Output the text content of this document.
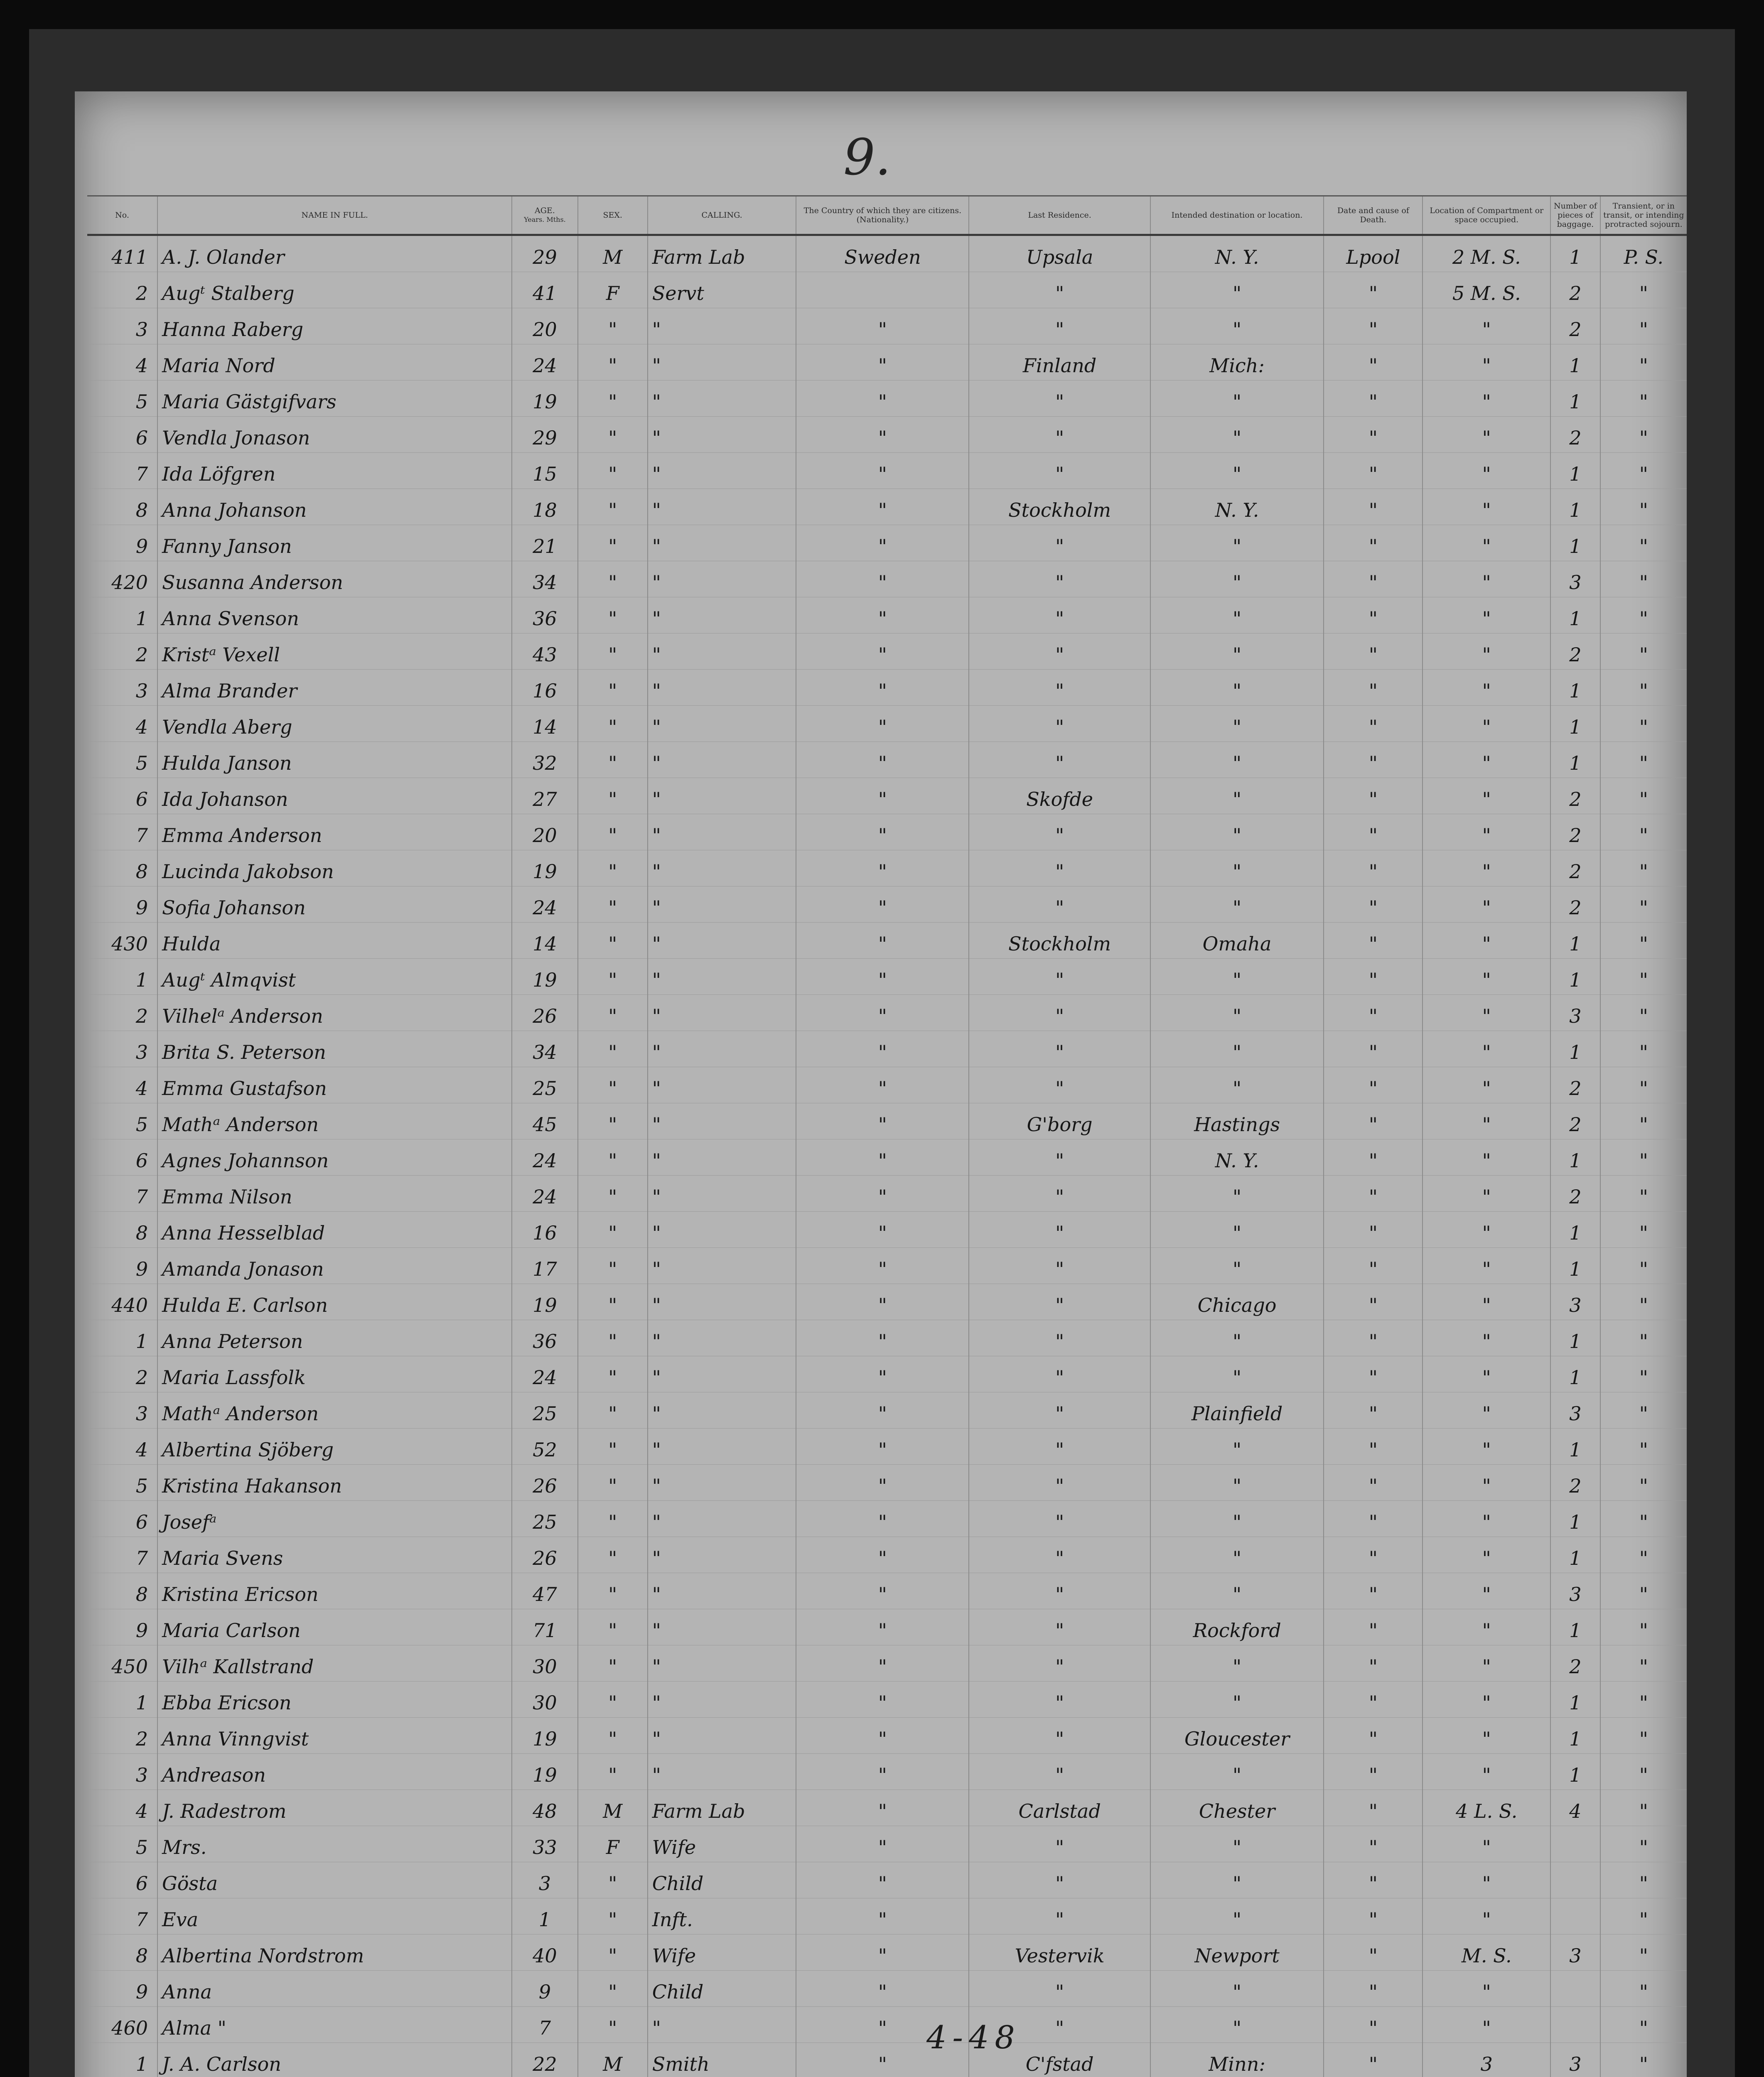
9.
No.	NAME IN FULL.	AGE.
Years. Mths.	SEX.	CALLING.	The Country of which they are citizens. (Nationality.)	Last Residence.	Intended destination or location.	Date and cause of Death.	Location of Compartment or space occupied.	Number of pieces of baggage.	Transient, or in transit, or intending protracted sojourn.
411	A. J. Olander	29	M	Farm Lab	Sweden	Upsala	N. Y.	Lpool	2 M. S.	1	P. S.
2	Augᵗ Stalberg	41	F	Servt		"	"	"	5 M. S.	2	"
3	Hanna Raberg	20	"	"	"	"	"	"	"	2	"
4	Maria Nord	24	"	"	"	Finland	Mich:	"	"	1	"
5	Maria Gästgifvars	19	"	"	"	"	"	"	"	1	"
6	Vendla Jonason	29	"	"	"	"	"	"	"	2	"
7	Ida Löfgren	15	"	"	"	"	"	"	"	1	"
8	Anna Johanson	18	"	"	"	Stockholm	N. Y.	"	"	1	"
9	Fanny Janson	21	"	"	"	"	"	"	"	1	"
420	Susanna Anderson	34	"	"	"	"	"	"	"	3	"
1	Anna Svenson	36	"	"	"	"	"	"	"	1	"
2	Kristᵃ Vexell	43	"	"	"	"	"	"	"	2	"
3	Alma Brander	16	"	"	"	"	"	"	"	1	"
4	Vendla Aberg	14	"	"	"	"	"	"	"	1	"
5	Hulda Janson	32	"	"	"	"	"	"	"	1	"
6	Ida Johanson	27	"	"	"	Skofde	"	"	"	2	"
7	Emma Anderson	20	"	"	"	"	"	"	"	2	"
8	Lucinda Jakobson	19	"	"	"	"	"	"	"	2	"
9	Sofia Johanson	24	"	"	"	"	"	"	"	2	"
430	Hulda	14	"	"	"	Stockholm	Omaha	"	"	1	"
1	Augᵗ Almqvist	19	"	"	"	"	"	"	"	1	"
2	Vilhelᵃ Anderson	26	"	"	"	"	"	"	"	3	"
3	Brita S. Peterson	34	"	"	"	"	"	"	"	1	"
4	Emma Gustafson	25	"	"	"	"	"	"	"	2	"
5	Mathᵃ Anderson	45	"	"	"	G'borg	Hastings	"	"	2	"
6	Agnes Johannson	24	"	"	"	"	N. Y.	"	"	1	"
7	Emma Nilson	24	"	"	"	"	"	"	"	2	"
8	Anna Hesselblad	16	"	"	"	"	"	"	"	1	"
9	Amanda Jonason	17	"	"	"	"	"	"	"	1	"
440	Hulda E. Carlson	19	"	"	"	"	Chicago	"	"	3	"
1	Anna Peterson	36	"	"	"	"	"	"	"	1	"
2	Maria Lassfolk	24	"	"	"	"	"	"	"	1	"
3	Mathᵃ Anderson	25	"	"	"	"	Plainfield	"	"	3	"
4	Albertina Sjöberg	52	"	"	"	"	"	"	"	1	"
5	Kristina Hakanson	26	"	"	"	"	"	"	"	2	"
6	Josefᵃ	25	"	"	"	"	"	"	"	1	"
7	Maria Svens	26	"	"	"	"	"	"	"	1	"
8	Kristina Ericson	47	"	"	"	"	"	"	"	3	"
9	Maria Carlson	71	"	"	"	"	Rockford	"	"	1	"
450	Vilhᵃ Kallstrand	30	"	"	"	"	"	"	"	2	"
1	Ebba Ericson	30	"	"	"	"	"	"	"	1	"
2	Anna Vinngvist	19	"	"	"	"	Gloucester	"	"	1	"
3	Andreason	19	"	"	"	"	"	"	"	1	"
4	J. Radestrom	48	M	Farm Lab	"	Carlstad	Chester	"	4 L. S.	4	"
5	Mrs.	33	F	Wife	"	"	"	"	"		"
6	Gösta	3	"	Child	"	"	"	"	"		"
7	Eva	1	"	Inft.	"	"	"	"	"		"
8	Albertina Nordstrom	40	"	Wife	"	Vestervik	Newport	"	M. S.	3	"
9	Anna	9	"	Child	"	"	"	"	"		"
460	Alma "	7	"	"	"	"	"	"	"		"
1	J. A. Carlson	22	M	Smith	"	C'fstad	Minn:	"	3	3	"

4-48
